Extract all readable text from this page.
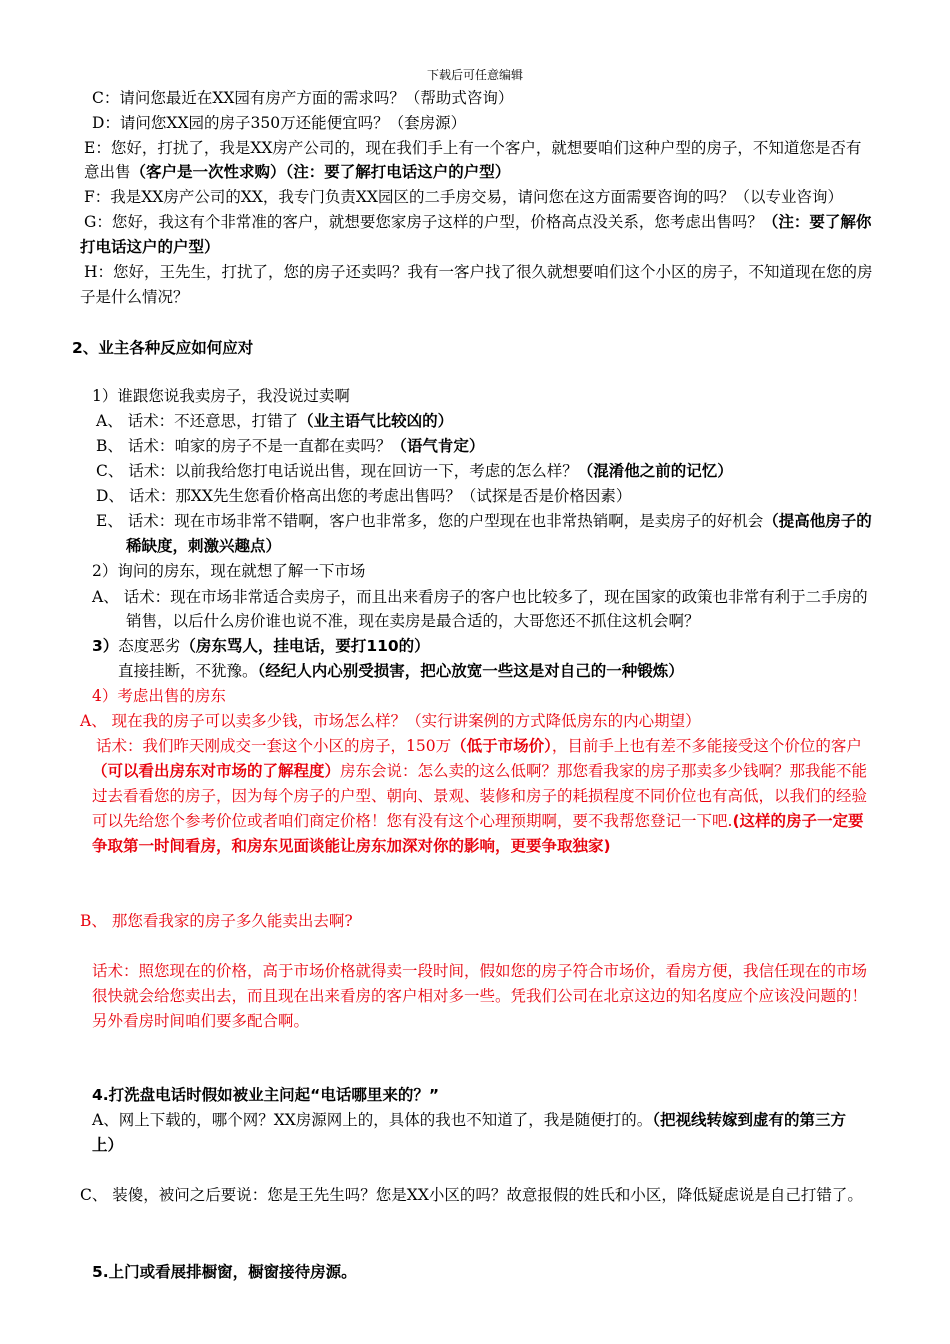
下载后可任意编辑
C：请问您最近在XX园有房产方面的需求吗？（帮助式咨询）
D：请问您XX园的房子350万还能便宜吗？（套房源）
E：您好，打扰了，我是XX房产公司的，现在我们手上有一个客户，就想要咱们这种户型的房子，不知道您是否有
意出售（客户是一次性求购）（注：要了解打电话这户的户型）
F：我是XX房产公司的XX，我专门负责XX园区的二手房交易，请问您在这方面需要咨询的吗？（以专业咨询）
G：您好，我这有个非常准的客户，就想要您家房子这样的户型，价格高点没关系，您考虑出售吗？（注：要了解你
打电话这户的户型）
H：您好，王先生，打扰了，您的房子还卖吗？我有一客户找了很久就想要咱们这个小区的房子，不知道现在您的房
子是什么情况？
2、业主各种反应如何应对
1）谁跟您说我卖房子，我没说过卖啊
A、 话术：不还意思，打错了（业主语气比较凶的）
B、 话术：咱家的房子不是一直都在卖吗？（语气肯定）
C、 话术：以前我给您打电话说出售，现在回访一下，考虑的怎么样？（混淆他之前的记忆）
D、 话术：那XX先生您看价格高出您的考虑出售吗？（试探是否是价格因素）
E、 话术：现在市场非常不错啊，客户也非常多，您的户型现在也非常热销啊，是卖房子的好机会（提高他房子的
稀缺度，刺激兴趣点）
2）询问的房东，现在就想了解一下市场
A、 话术：现在市场非常适合卖房子，而且出来看房子的客户也比较多了，现在国家的政策也非常有利于二手房的
销售，以后什么房价谁也说不准，现在卖房是最合适的，大哥您还不抓住这机会啊？
3）态度恶劣（房东骂人，挂电话，要打110的）
直接挂断，不犹豫。（经纪人内心别受损害，把心放宽一些这是对自己的一种锻炼）
4）考虑出售的房东
A、 现在我的房子可以卖多少钱，市场怎么样？（实行讲案例的方式降低房东的内心期望）
话术：我们昨天刚成交一套这个小区的房子，150万（低于市场价），目前手上也有差不多能接受这个价位的客户
（可以看出房东对市场的了解程度）房东会说：怎么卖的这么低啊？那您看我家的房子那卖多少钱啊？那我能不能
过去看看您的房子，因为每个房子的户型、朝向、景观、装修和房子的耗损程度不同价位也有高低，以我们的经验
可以先给您个参考价位或者咱们商定价格！您有没有这个心理预期啊，要不我帮您登记一下吧.(这样的房子一定要
争取第一时间看房，和房东见面谈能让房东加深对你的影响，更要争取独家)
B、 那您看我家的房子多久能卖出去啊?
话术：照您现在的价格，高于市场价格就得卖一段时间，假如您的房子符合市场价，看房方便，我信任现在的市场
很快就会给您卖出去，而且现在出来看房的客户相对多一些。凭我们公司在北京这边的知名度应个应该没问题的！
另外看房时间咱们要多配合啊。
4.打洗盘电话时假如被业主问起“电话哪里来的？”
A、网上下载的，哪个网？XX房源网上的，具体的我也不知道了，我是随便打的。（把视线转嫁到虚有的第三方
上）
C、 装傻，被问之后要说：您是王先生吗？您是XX小区的吗？故意报假的姓氏和小区，降低疑虑说是自己打错了。
5.上门或看展排橱窗，橱窗接待房源。
